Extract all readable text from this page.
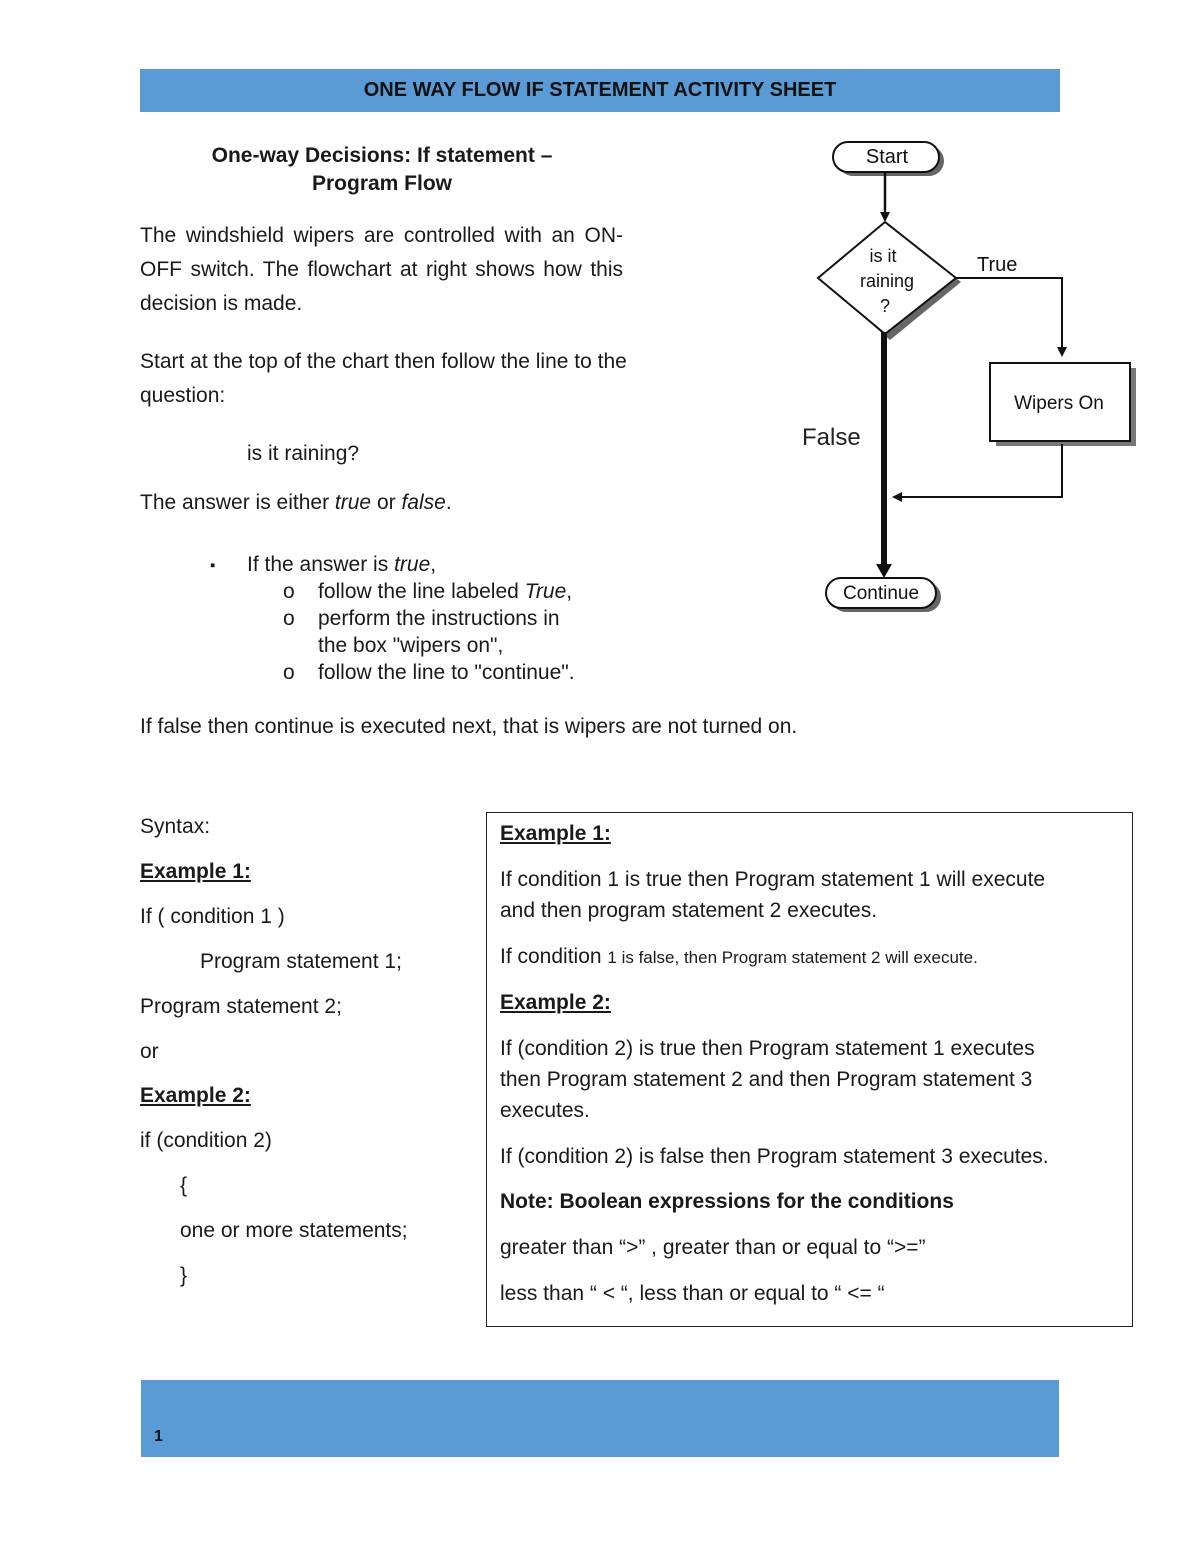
ONE WAY FLOW IF STATEMENT ACTIVITY SHEET
One-way Decisions: If statement –
Program Flow
The windshield wipers are controlled with an ON-OFF switch. The flowchart at right shows how this decision is made.
Start at the top of the chart then follow the line to the question:
is it raining?
The answer is either true or false.
▪ If the answer is true,
o follow the line labeled True,
o perform the instructions in
the box "wipers on",
o follow the line to "continue".
If false then continue is executed next, that is wipers are not turned on.
Start
is it
raining
?
True
Wipers On
False
Continue
Syntax:
Example 1:
If ( condition 1 )
Program statement 1;
Program statement 2;
or
Example 2:
if (condition 2)
{
one or more statements;
}
Example 1:
If condition 1 is true then Program statement 1 will execute
and then program statement 2 executes.
If condition 1 is false, then Program statement 2 will execute.
Example 2:
If (condition 2) is true then Program statement 1 executes
then Program statement 2 and then Program statement 3
executes.
If (condition 2) is false then Program statement 3 executes.
Note: Boolean expressions for the conditions
greater than “>” , greater than or equal to “>=”
less than “ < “, less than or equal to “ <= “
1
